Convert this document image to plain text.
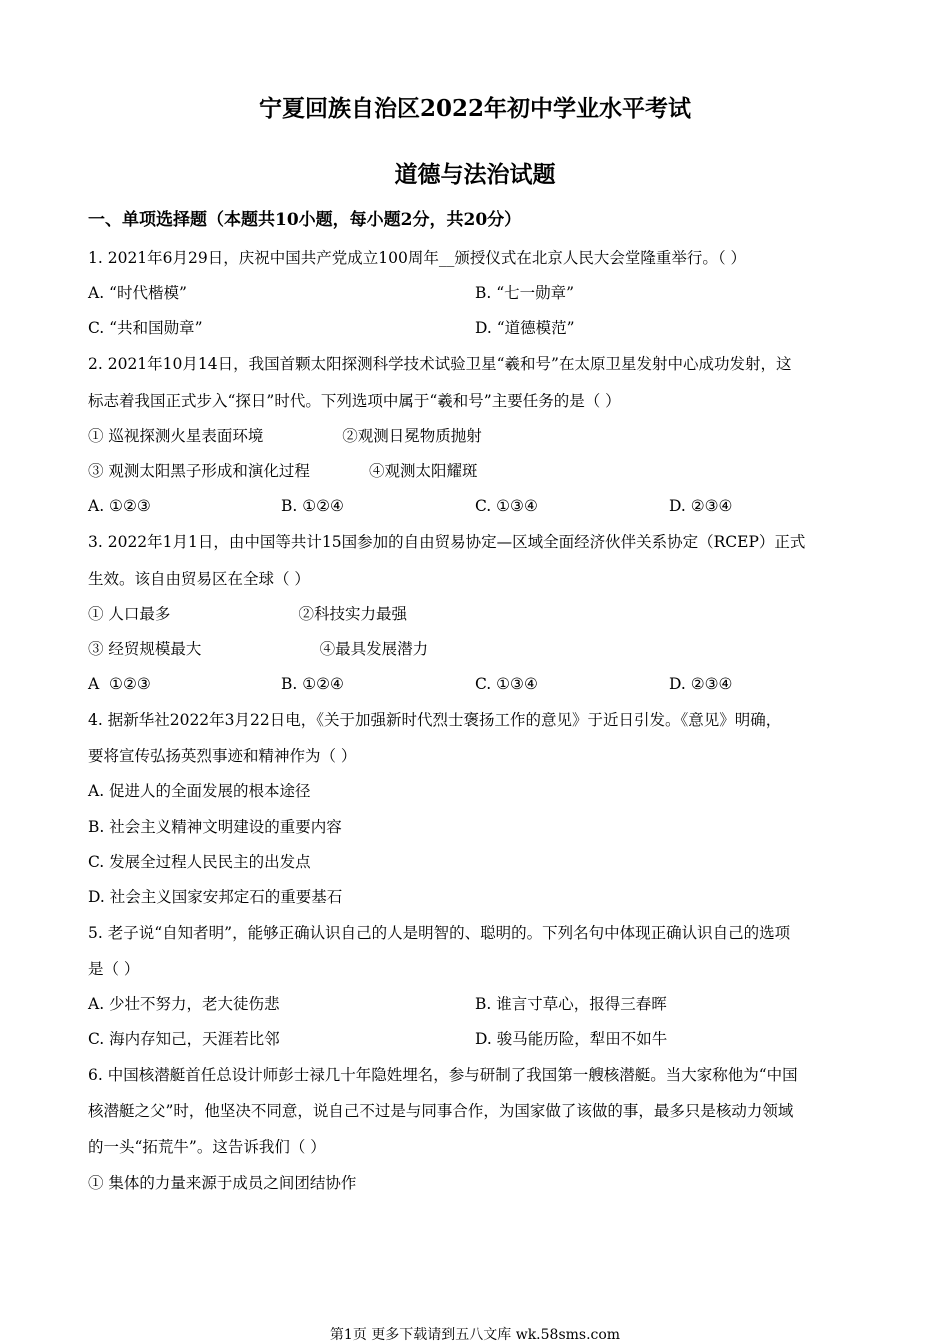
宁夏回族自治区2022年初中学业水平考试
道德与法治试题
一、单项选择题（本题共10小题，每小题2分，共20分）
1. 2021年6月29日，庆祝中国共产党成立100周年__颁授仪式在北京人民大会堂隆重举行。（ ）
A. “时代楷模”	B. “七一勋章”
C. “共和国勋章”	D. “道德模范”
2. 2021年10月14日，我国首颗太阳探测科学技术试验卫星“羲和号”在太原卫星发射中心成功发射，这
标志着我国正式步入“探日”时代。下列选项中属于“羲和号”主要任务的是（ ）
① 巡视探测火星表面环境                ②观测日冕物质抛射
③ 观测太阳黑子形成和演化过程            ④观测太阳耀斑
A. ①②③	B. ①②④	C. ①③④	D. ②③④
3. 2022年1月1日，由中国等共计15国参加的自由贸易协定—区域全面经济伙伴关系协定（RCEP）正式
生效。该自由贸易区在全球（ ）
① 人口最多                          ②科技实力最强
③ 经贸规模最大                        ④最具发展潜力
A  ①②③	B. ①②④	C. ①③④	D. ②③④
4. 据新华社2022年3月22日电，《关于加强新时代烈士褒扬工作的意见》于近日引发。《意见》明确，
要将宣传弘扬英烈事迹和精神作为（ ）
A. 促进人的全面发展的根本途径
B. 社会主义精神文明建设的重要内容
C. 发展全过程人民民主的出发点
D. 社会主义国家安邦定石的重要基石
5. 老子说“自知者明”，能够正确认识自己的人是明智的、聪明的。下列名句中体现正确认识自己的选项
是（ ）
A. 少壮不努力，老大徒伤悲	B. 谁言寸草心，报得三春晖
C. 海内存知己，天涯若比邻	D. 骏马能历险，犁田不如牛
6. 中国核潜艇首任总设计师彭士禄几十年隐姓埋名，参与研制了我国第一艘核潜艇。当大家称他为“中国
核潜艇之父”时，他坚决不同意，说自己不过是与同事合作，为国家做了该做的事，最多只是核动力领域
的一头“拓荒牛”。这告诉我们（ ）
① 集体的力量来源于成员之间团结协作
第1页 更多下载请到五八文库 wk.58sms.com
